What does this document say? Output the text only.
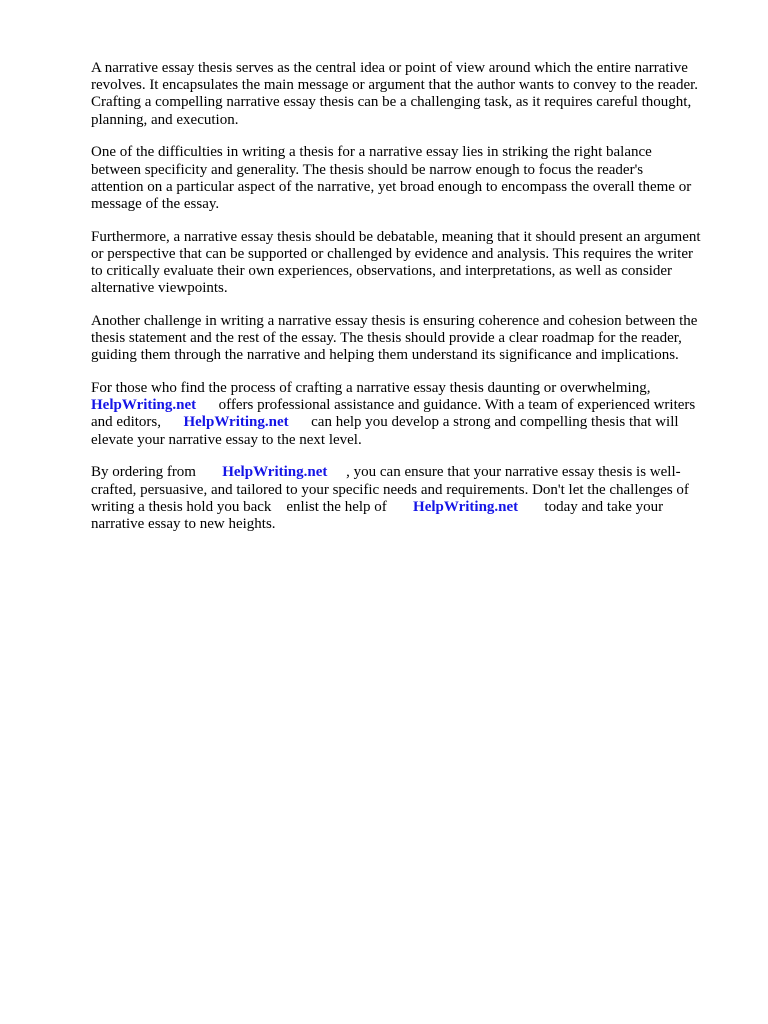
A narrative essay thesis serves as the central idea or point of view around which the entire narrative
revolves. It encapsulates the main message or argument that the author wants to convey to the reader.
Crafting a compelling narrative essay thesis can be a challenging task, as it requires careful thought,
planning, and execution.

One of the difficulties in writing a thesis for a narrative essay lies in striking the right balance
between specificity and generality. The thesis should be narrow enough to focus the reader's
attention on a particular aspect of the narrative, yet broad enough to encompass the overall theme or
message of the essay.

Furthermore, a narrative essay thesis should be debatable, meaning that it should present an argument
or perspective that can be supported or challenged by evidence and analysis. This requires the writer
to critically evaluate their own experiences, observations, and interpretations, as well as consider
alternative viewpoints.

Another challenge in writing a narrative essay thesis is ensuring coherence and cohesion between the
thesis statement and the rest of the essay. The thesis should provide a clear roadmap for the reader,
guiding them through the narrative and helping them understand its significance and implications.

For those who find the process of crafting a narrative essay thesis daunting or overwhelming,
HelpWriting.net      offers professional assistance and guidance. With a team of experienced writers
and editors,      HelpWriting.net      can help you develop a strong and compelling thesis that will
elevate your narrative essay to the next level.

By ordering from       HelpWriting.net     , you can ensure that your narrative essay thesis is well-
crafted, persuasive, and tailored to your specific needs and requirements. Don't let the challenges of
writing a thesis hold you back    enlist the help of       HelpWriting.net       today and take your
narrative essay to new heights.
